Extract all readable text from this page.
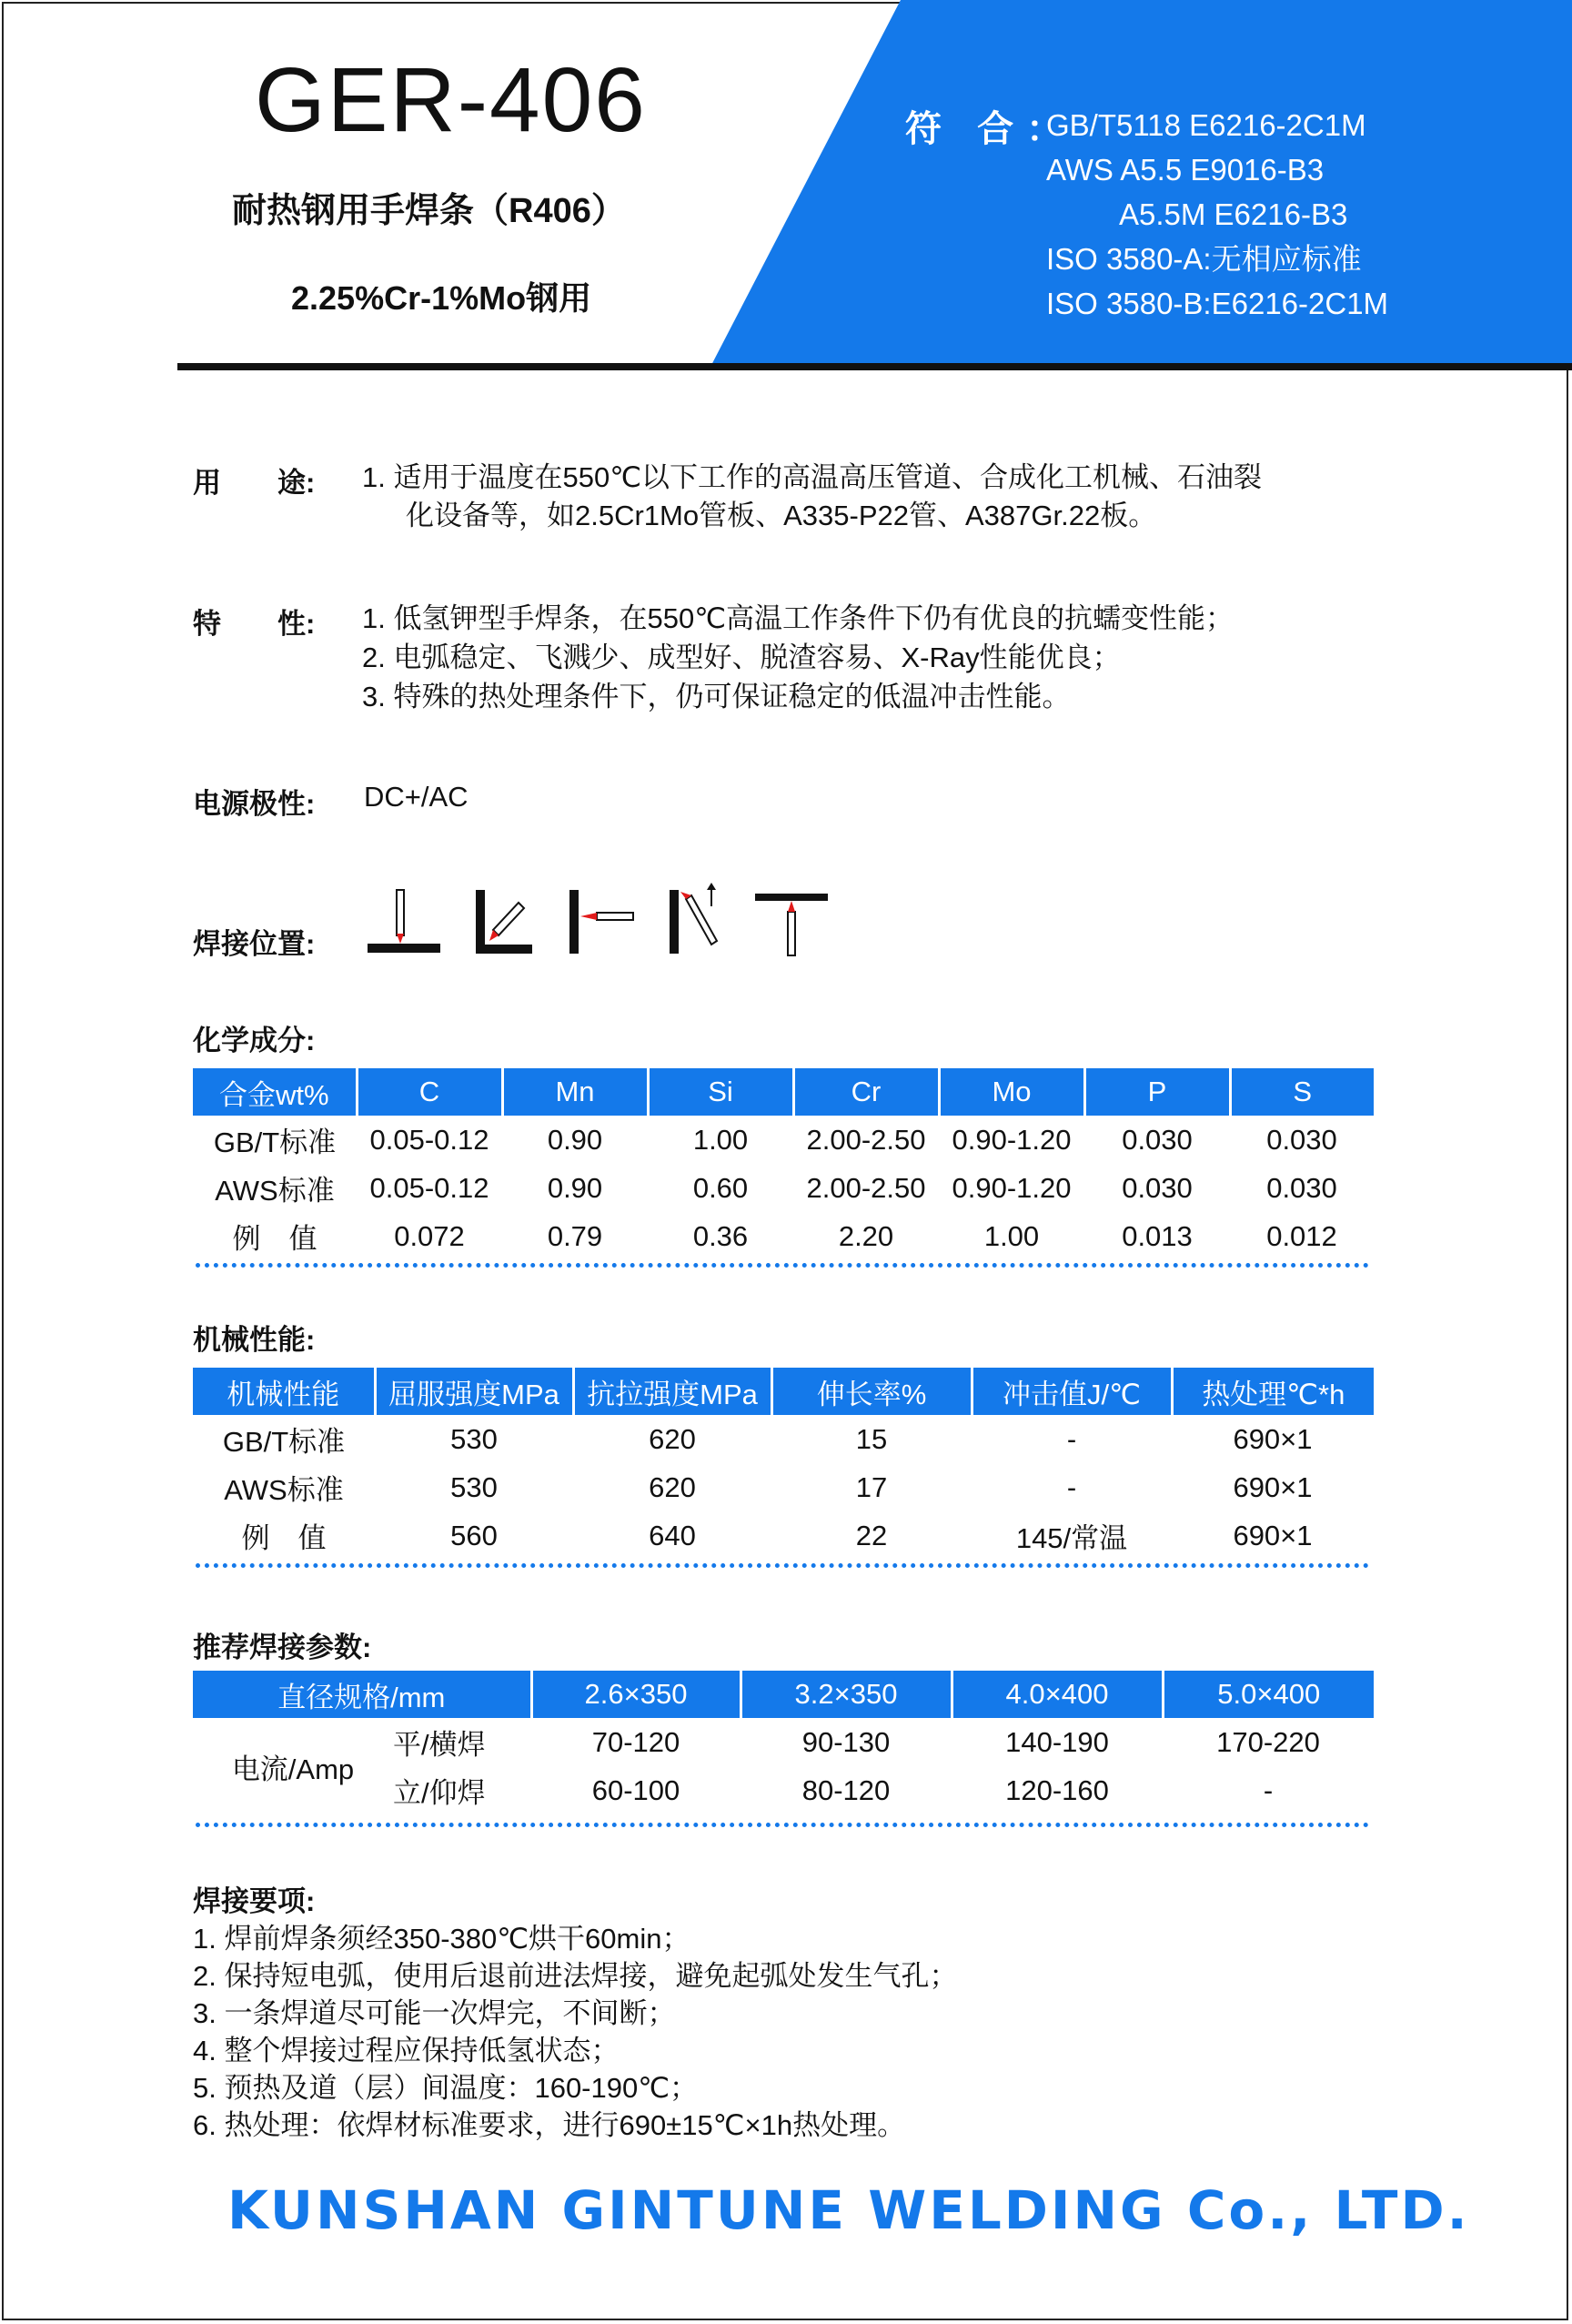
GER-406
耐热钢用手焊条（R406）
2.25%Cr-1%Mo钢用
符 合：
GB/T5118 E6216-2C1M
AWS A5.5 E9016-B3
A5.5M E6216-B3
ISO 3580-A:无相应标准
ISO 3580-B:E6216-2C1M
用　　途: 1. 适用于温度在550℃以下工作的高温高压管道、合成化工机械、石油裂
化设备等，如2.5Cr1Mo管板、A335-P22管、A387Gr.22板。
特　　性: 1. 低氢钾型手焊条，在550℃高温工作条件下仍有优良的抗蠕变性能；
2. 电弧稳定、飞溅少、成型好、脱渣容易、X-Ray性能优良；
3. 特殊的热处理条件下，仍可保证稳定的低温冲击性能。
电源极性: DC+/AC
焊接位置:
化学成分:
合金wt%	C	Mn	Si	Cr	Mo	P	S
GB/T标准	0.05-0.12	0.90	1.00	2.00-2.50	0.90-1.20	0.030	0.030
AWS标准	0.05-0.12	0.90	0.60	2.00-2.50	0.90-1.20	0.030	0.030
例　值	0.072	0.79	0.36	2.20	1.00	0.013	0.012
机械性能:
机械性能	屈服强度MPa	抗拉强度MPa	伸长率%	冲击值J/℃	热处理℃*h
GB/T标准	530	620	15	-	690×1
AWS标准	530	620	17	-	690×1
例　值	560	640	22	145/常温	690×1
推荐焊接参数:
直径规格/mm		2.6×350	3.2×350	4.0×400	5.0×400
电流/Amp	平/横焊	70-120	90-130	140-190	170-220
	立/仰焊	60-100	80-120	120-160	-
焊接要项:
1. 焊前焊条须经350-380℃烘干60min；
2. 保持短电弧，使用后退前进法焊接，避免起弧处发生气孔；
3. 一条焊道尽可能一次焊完，不间断；
4. 整个焊接过程应保持低氢状态；
5. 预热及道（层）间温度：160-190℃；
6. 热处理：依焊材标准要求，进行690±15℃×1h热处理。
KUNSHAN GINTUNE WELDING Co., LTD.
